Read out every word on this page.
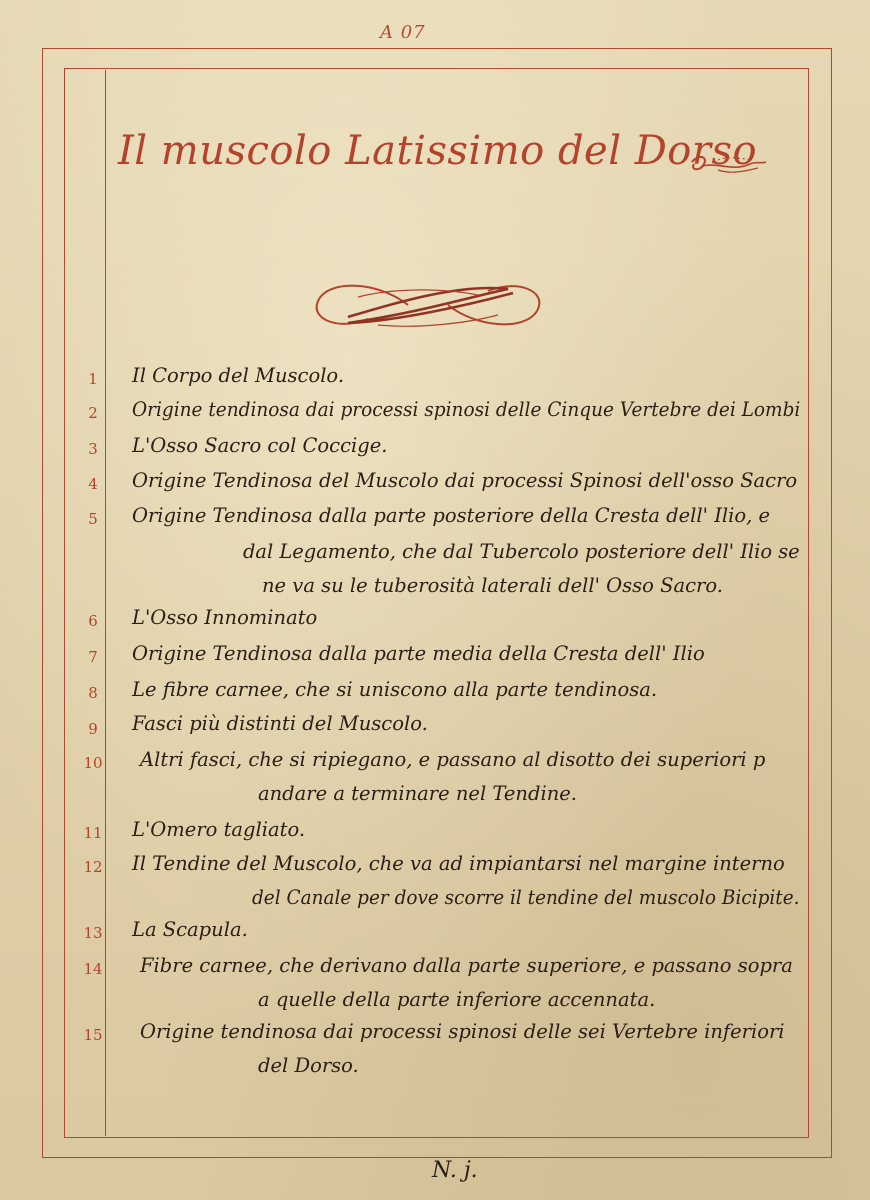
A 07
Il muscolo Latissimo del Dorso
1	Il Corpo del Muscolo.
2	Origine tendinosa dai processi spinosi delle Cinque Vertebre dei Lombi
3	L'Osso Sacro col Coccige.
4	Origine Tendinosa del Muscolo dai processi Spinosi dell'osso Sacro
5	Origine Tendinosa dalla parte posteriore della Cresta dell' Ilio, e
dal Legamento, che dal Tubercolo posteriore dell' Ilio se
ne va su le tuberosità laterali dell' Osso Sacro.
6	L'Osso Innominato
7	Origine Tendinosa dalla parte media della Cresta dell' Ilio
8	Le fibre carnee, che si uniscono alla parte tendinosa.
9	Fasci più distinti del Muscolo.
10 Altri fasci, che si ripiegano, e passano al disotto dei superiori p
andare a terminare nel Tendine.
11 L'Omero tagliato.
12 Il Tendine del Muscolo, che va ad impiantarsi nel margine interno
del Canale per dove scorre il tendine del muscolo Bicipite.
13 La Scapula.
14 Fibre carnee, che derivano dalla parte superiore, e passano sopra
a quelle della parte inferiore accennata.
15 Origine tendinosa dai processi spinosi delle sei Vertebre inferiori
del Dorso.
N. j.
